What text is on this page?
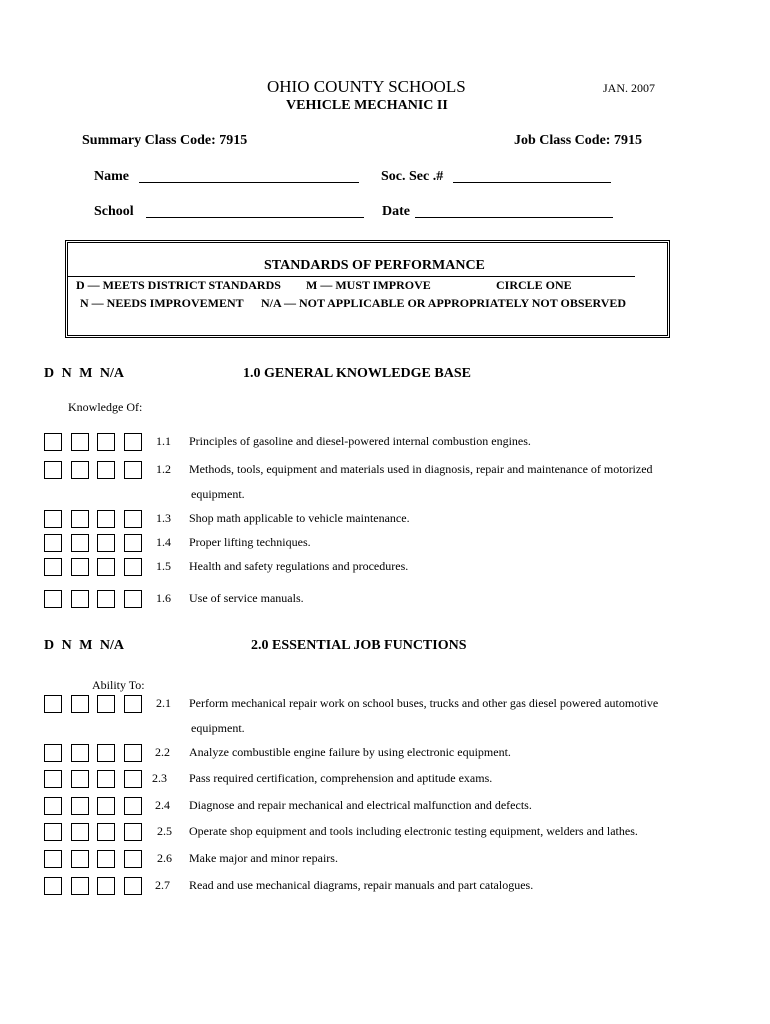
OHIO COUNTY SCHOOLS	JAN. 2007
VEHICLE MECHANIC II
Summary Class Code: 7915	Job Class Code: 7915
Name	Soc. Sec .#
School	Date
STANDARDS OF PERFORMANCE
D — MEETS DISTRICT STANDARDS M — MUST IMPROVE	CIRCLE ONE
N — NEEDS IMPROVEMENT N/A — NOT APPLICABLE OR APPROPRIATELY NOT OBSERVED
D N M N/A	1.0 GENERAL KNOWLEDGE BASE
Knowledge Of:
1.1 Principles of gasoline and diesel-powered internal combustion engines.
1.2 Methods, tools, equipment and materials used in diagnosis, repair and maintenance of motorized
equipment.
1.3 Shop math applicable to vehicle maintenance.
1.4 Proper lifting techniques.
1.5 Health and safety regulations and procedures.
1.6 Use of service manuals.
D N M N/A	2.0 ESSENTIAL JOB FUNCTIONS
Ability To:
2.1 Perform mechanical repair work on school buses, trucks and other gas diesel powered automotive
equipment.
2.2 Analyze combustible engine failure by using electronic equipment.
2.3 Pass required certification, comprehension and aptitude exams.
2.4 Diagnose and repair mechanical and electrical malfunction and defects.
2.5 Operate shop equipment and tools including electronic testing equipment, welders and lathes.
2.6 Make major and minor repairs.
2.7 Read and use mechanical diagrams, repair manuals and part catalogues.
